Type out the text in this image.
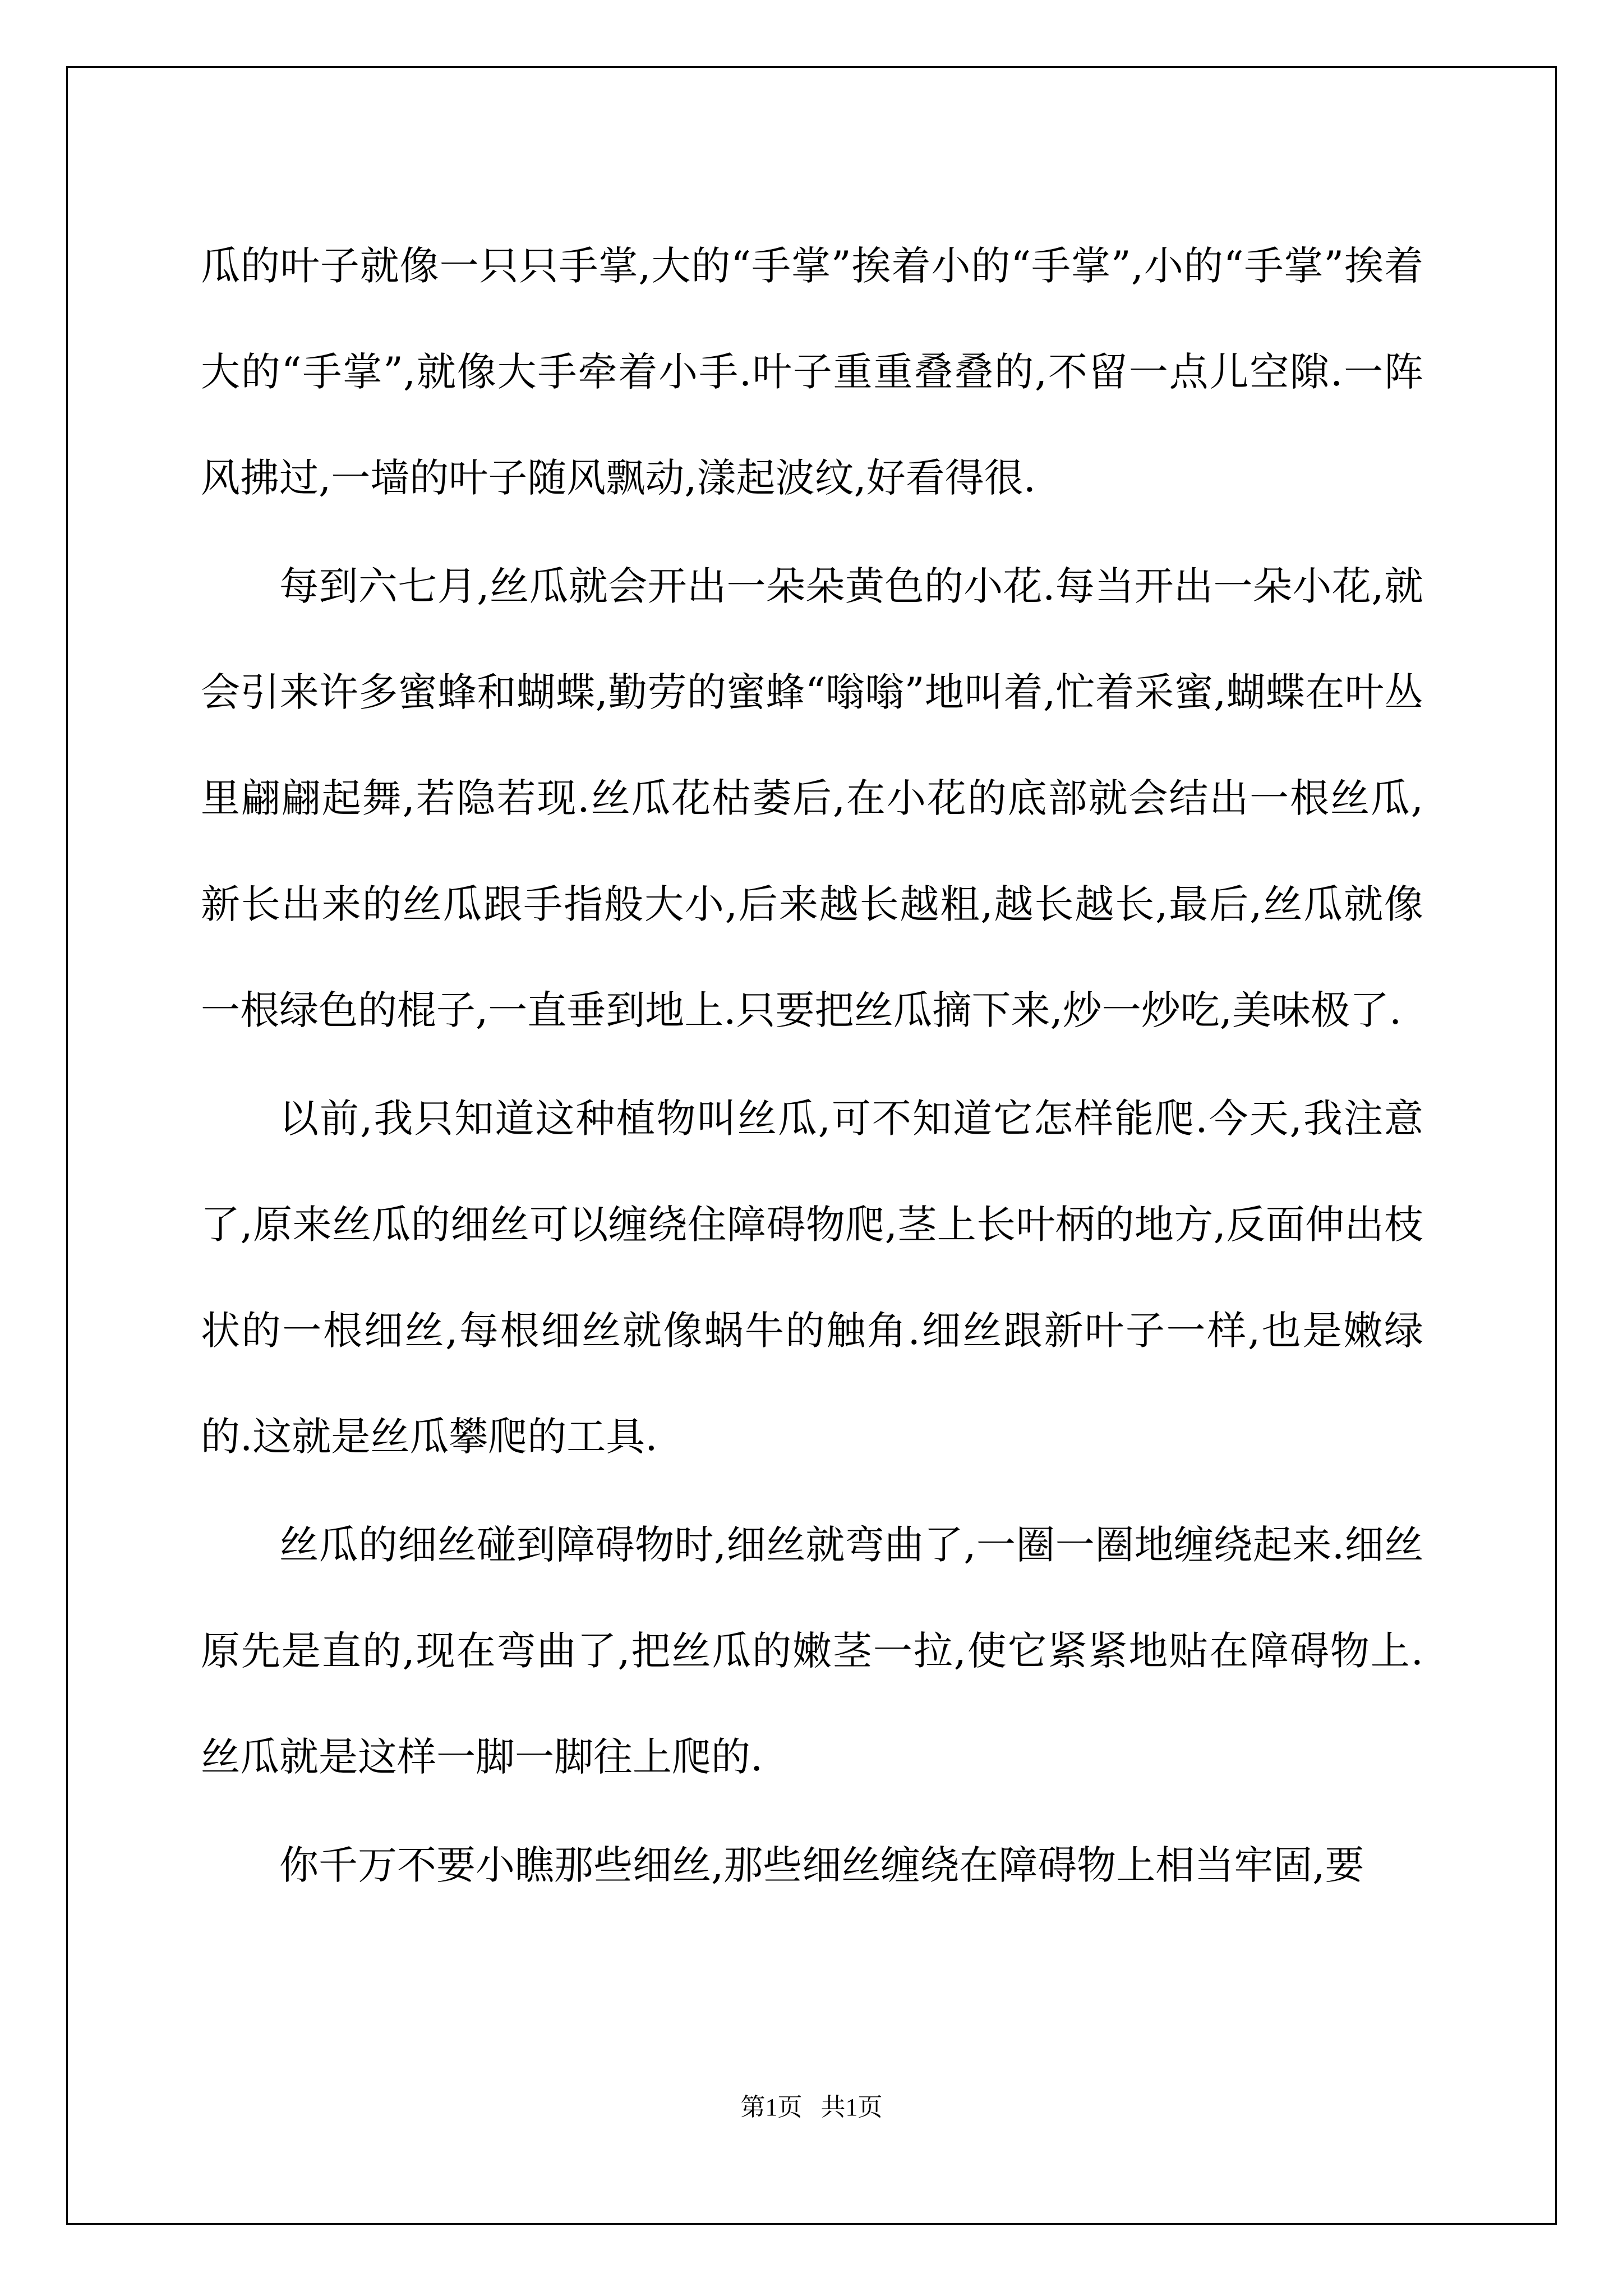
瓜的叶子就像一只只手掌,大的“手掌”挨着小的“手掌”,小的“手掌”挨着大的“手掌”,就像大手牵着小手.叶子重重叠叠的,不留一点儿空隙.一阵风拂过,一墙的叶子随风飘动,漾起波纹,好看得很.

每到六七月,丝瓜就会开出一朵朵黄色的小花.每当开出一朵小花,就会引来许多蜜蜂和蝴蝶,勤劳的蜜蜂“嗡嗡”地叫着,忙着采蜜,蝴蝶在叶丛里翩翩起舞,若隐若现.丝瓜花枯萎后,在小花的底部就会结出一根丝瓜,新长出来的丝瓜跟手指般大小,后来越长越粗,越长越长,最后,丝瓜就像一根绿色的棍子,一直垂到地上.只要把丝瓜摘下来,炒一炒吃,美味极了.

以前,我只知道这种植物叫丝瓜,可不知道它怎样能爬.今天,我注意了,原来丝瓜的细丝可以缠绕住障碍物爬,茎上长叶柄的地方,反面伸出枝状的一根细丝,每根细丝就像蜗牛的触角.细丝跟新叶子一样,也是嫩绿的.这就是丝瓜攀爬的工具.

丝瓜的细丝碰到障碍物时,细丝就弯曲了,一圈一圈地缠绕起来.细丝原先是直的,现在弯曲了,把丝瓜的嫩茎一拉,使它紧紧地贴在障碍物上.丝瓜就是这样一脚一脚往上爬的.

你千万不要小瞧那些细丝,那些细丝缠绕在障碍物上相当牢固,要

第1页   共1页
